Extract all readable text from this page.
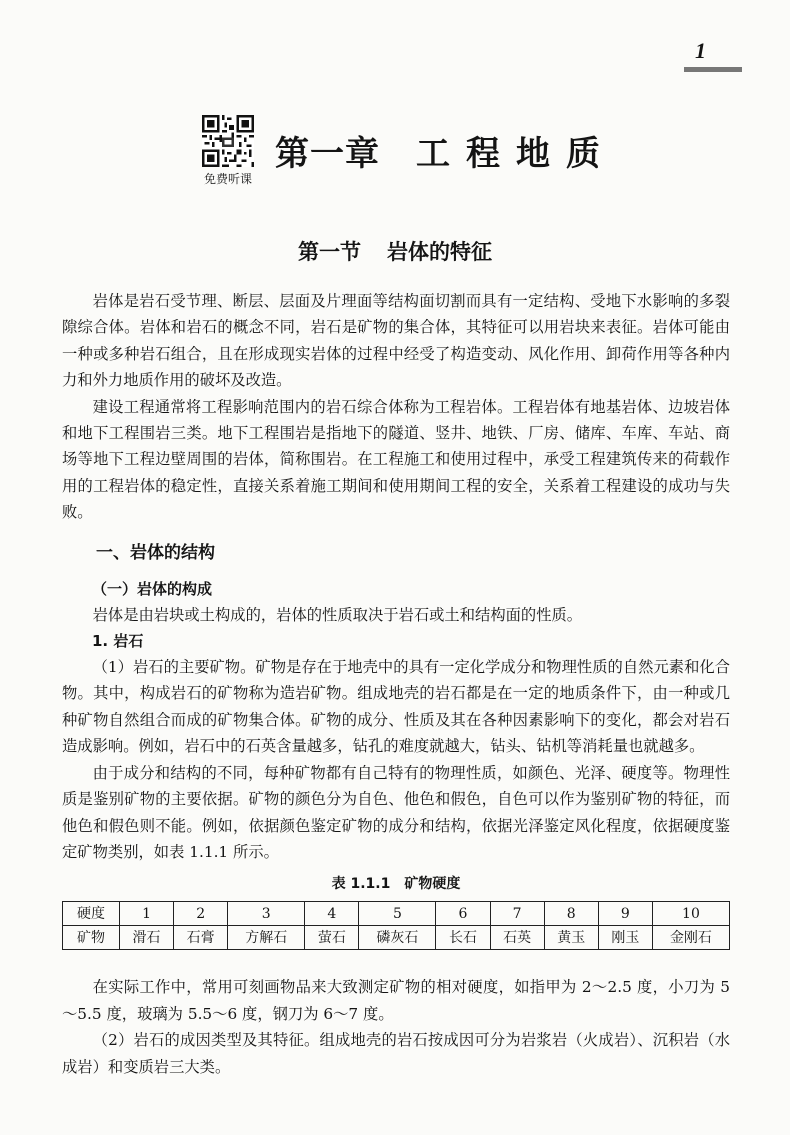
1
免费听课
第一章 工程地质
第一节 岩体的特征

岩体是岩石受节理、断层、层面及片理面等结构面切割而具有一定结构、受地下水影响的多裂隙综合体。岩体和岩石的概念不同，岩石是矿物的集合体，其特征可以用岩块来表征。岩体可能由一种或多种岩石组合，且在形成现实岩体的过程中经受了构造变动、风化作用、卸荷作用等各种内力和外力地质作用的破坏及改造。

建设工程通常将工程影响范围内的岩石综合体称为工程岩体。工程岩体有地基岩体、边坡岩体和地下工程围岩三类。地下工程围岩是指地下的隧道、竖井、地铁、厂房、储库、车库、车站、商场等地下工程边壁周围的岩体，简称围岩。在工程施工和使用过程中，承受工程建筑传来的荷载作用的工程岩体的稳定性，直接关系着施工期间和使用期间工程的安全，关系着工程建设的成功与失败。

一、岩体的结构
（一）岩体的构成

岩体是由岩块或土构成的，岩体的性质取决于岩石或土和结构面的性质。

1. 岩石

（1）岩石的主要矿物。矿物是存在于地壳中的具有一定化学成分和物理性质的自然元素和化合物。其中，构成岩石的矿物称为造岩矿物。组成地壳的岩石都是在一定的地质条件下，由一种或几种矿物自然组合而成的矿物集合体。矿物的成分、性质及其在各种因素影响下的变化，都会对岩石造成影响。例如，岩石中的石英含量越多，钻孔的难度就越大，钻头、钻机等消耗量也就越多。

由于成分和结构的不同，每种矿物都有自己特有的物理性质，如颜色、光泽、硬度等。物理性质是鉴别矿物的主要依据。矿物的颜色分为自色、他色和假色，自色可以作为鉴别矿物的特征，而他色和假色则不能。例如，依据颜色鉴定矿物的成分和结构，依据光泽鉴定风化程度，依据硬度鉴定矿物类别，如表 1.1.1 所示。

表 1.1.1 矿物硬度
硬度	1	2	3	4	5	6	7	8	9	10
矿物	滑石	石膏	方解石	萤石	磷灰石	长石	石英	黄玉	刚玉	金刚石

在实际工作中，常用可刻画物品来大致测定矿物的相对硬度，如指甲为 2～2.5 度，小刀为 5～5.5 度，玻璃为 5.5～6 度，钢刀为 6～7 度。

（2）岩石的成因类型及其特征。组成地壳的岩石按成因可分为岩浆岩（火成岩）、沉积岩（水成岩）和变质岩三大类。
